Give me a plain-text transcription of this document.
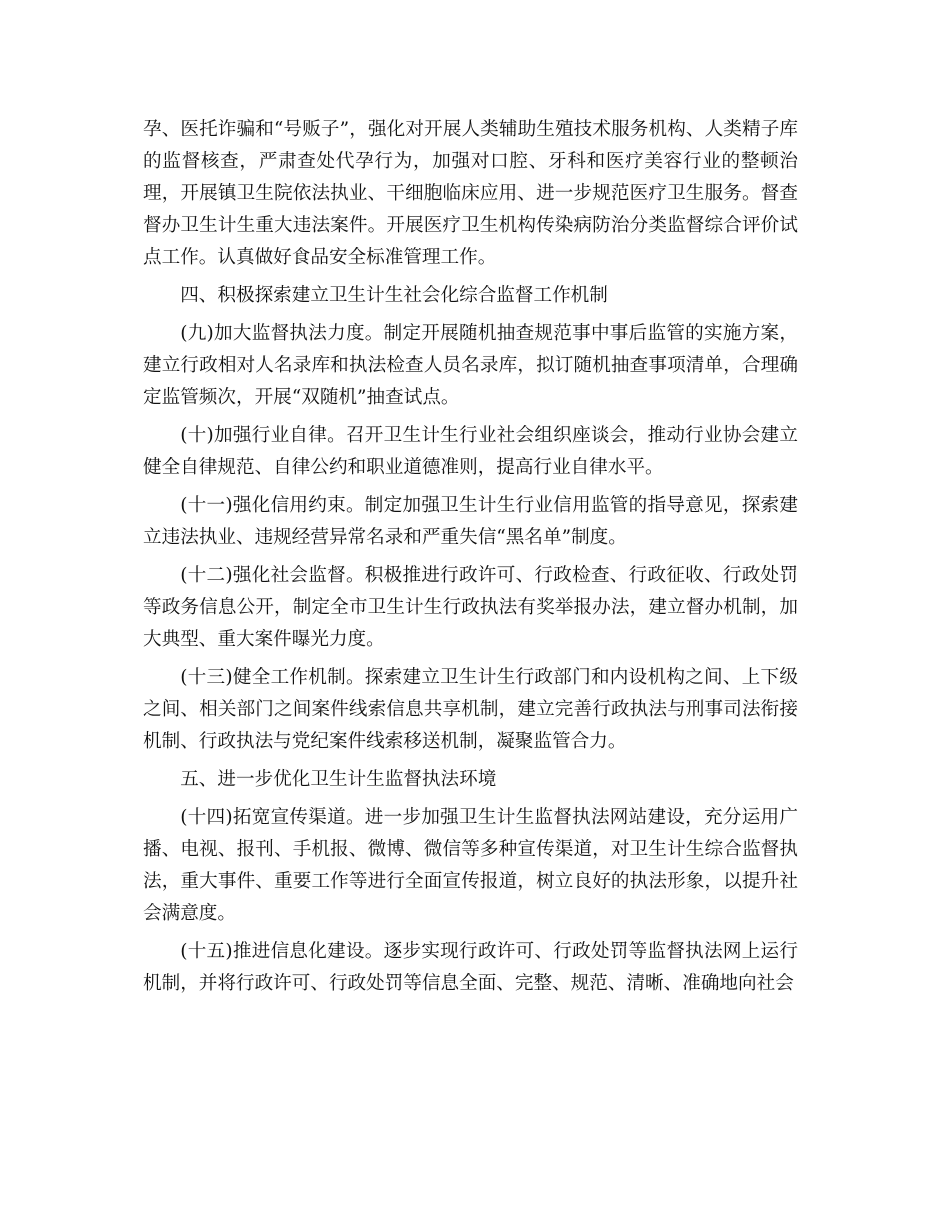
孕、医托诈骗和“号贩子”，强化对开展人类辅助生殖技术服务机构、人类精子库的监督核查，严肃查处代孕行为，加强对口腔、牙科和医疗美容行业的整顿治理，开展镇卫生院依法执业、干细胞临床应用、进一步规范医疗卫生服务。督查督办卫生计生重大违法案件。开展医疗卫生机构传染病防治分类监督综合评价试点工作。认真做好食品安全标准管理工作。

四、积极探索建立卫生计生社会化综合监督工作机制

(九)加大监督执法力度。制定开展随机抽查规范事中事后监管的实施方案，建立行政相对人名录库和执法检查人员名录库，拟订随机抽查事项清单，合理确定监管频次，开展“双随机”抽查试点。

(十)加强行业自律。召开卫生计生行业社会组织座谈会，推动行业协会建立健全自律规范、自律公约和职业道德准则，提高行业自律水平。

(十一)强化信用约束。制定加强卫生计生行业信用监管的指导意见，探索建立违法执业、违规经营异常名录和严重失信“黑名单”制度。

(十二)强化社会监督。积极推进行政许可、行政检查、行政征收、行政处罚等政务信息公开，制定全市卫生计生行政执法有奖举报办法，建立督办机制，加大典型、重大案件曝光力度。

(十三)健全工作机制。探索建立卫生计生行政部门和内设机构之间、上下级之间、相关部门之间案件线索信息共享机制，建立完善行政执法与刑事司法衔接机制、行政执法与党纪案件线索移送机制，凝聚监管合力。

五、进一步优化卫生计生监督执法环境

(十四)拓宽宣传渠道。进一步加强卫生计生监督执法网站建设，充分运用广播、电视、报刊、手机报、微博、微信等多种宣传渠道，对卫生计生综合监督执法，重大事件、重要工作等进行全面宣传报道，树立良好的执法形象，以提升社会满意度。

(十五)推进信息化建设。逐步实现行政许可、行政处罚等监督执法网上运行机制，并将行政许可、行政处罚等信息全面、完整、规范、清晰、准确地向社会
